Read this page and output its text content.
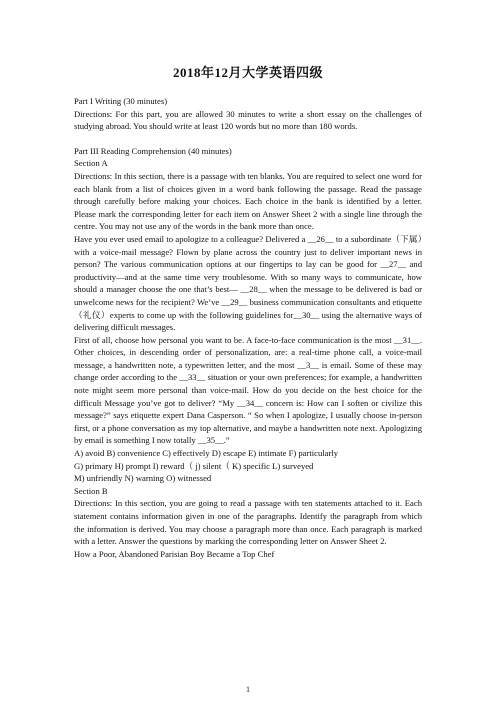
2018年12月大学英语四级
Part I Writing (30 minutes)
Directions: For this part, you are allowed 30 minutes to write a short essay on the challenges of studying abroad. You should write at least 120 words but no more than 180 words.
Part III Reading Comprehension (40 minutes)
Section A
Directions: In this section, there is a passage with ten blanks. You are required to select one word for each blank from a list of choices given in a word bank following the passage. Read the passage through carefully before making your choices. Each choice in the bank is identified by a letter. Please mark the corresponding letter for each item on Answer Sheet 2 with a single line through the centre. You may not use any of the words in the bank more than once.
Have you ever used email to apologize to a colleague? Delivered a __26__ to a subordinate（下属）with a voice-mail message? Flown by plane across the country just to deliver important news in person? The various communication options at our fingertips to lay can be good for __27__ and productivity—and at the same time very troublesome. With so many ways to communicate, how should a manager choose the one that’s best— __28__ when the message to be delivered is bad or unwelcome news for the recipient? We’ve __29__ business communication consultants and etiquette（礼仪）experts to come up with the following guidelines for__30__ using the alternative ways of delivering difficult messages.
First of all, choose how personal you want to be. A face-to-face communication is the most __31__. Other choices, in descending order of personalization, are: a real-time phone call, a voice-mail message, a handwritten note, a typewritten letter, and the most __3__ is email. Some of these may change order according to the __33__ situation or your own preferences; for example, a handwritten note might seem more personal than voice-mail. How do you decide on the best choice for the difficult Message you’ve got to deliver? “My __34__ concern is: How can I soften or civilize this message?” says etiquette expert Dana Casperson. “ So when I apologize, I usually choose in-person first, or a phone conversation as my top alternative, and maybe a handwritten note next. Apologizing by email is something I now totally __35__.”
A) avoid B) convenience C) effectively D) escape E) intimate F) particularly
G) primary H) prompt I) reward（ j) silent（ K) specific L) surveyed
M) unfriendly N) warning O) witnessed
Section B
Directions: In this section, you are going to read a passage with ten statements attached to it. Each statement contains information given in one of the paragraphs. Identify the paragraph from which the information is derived. You may choose a paragraph more than once. Each paragraph is marked with a letter. Answer the questions by marking the corresponding letter on Answer Sheet 2.
How a Poor, Abandoned Parisian Boy Became a Top Chef
1
